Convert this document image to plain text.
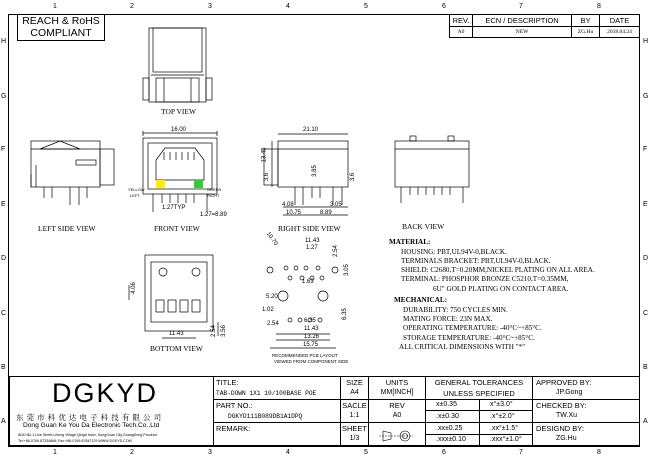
1	2	3	4	5	6	7	8
1	2	3	4	5	6	7	8
H
G
F
E
D
C
B
A
H
G
F
E
D
C
B
A
REACH & RoHS
COMPLIANT
REV.	ECN / DESCRIPTION	BY	DATE
A0	NEW	ZG.Hu	2018.04.24
YELLOW
LEFT
GREEN
RIGHT
TOP VIEW
LEFT SIDE VIEW	FRONT VIEW	RIGHT SIDE VIEW	BACK VIEW
BOTTOM VIEW
RECOMMENDED PCB LAYOUT
VIEWED FROM COMPONENT SIDE
16.00
1.27TYP
1.27=8.89
21.10
13.45
3.6
3.85
3.6
4.08	3.05
10.75	8.89
4.06
11.43	2.54 3.56
11.43
1.27
10.70
2.54
5.20
1.63
1.02
2.54	6.35
11.43
13.26
15.75
3.05
6.35
MATERIAL:
HOUSING: PBT,UL94V-0,BLACK.
TERMINALS BRACKET: PBT,UL94V-0,BLACK.
SHIELD: C2680,T=0.20MM,NICKEL PLATING ON ALL AREA.
TERMINAL: PHOSPHOR BRONZE C5210,T=0.35MM,
6U" GOLD PLATING ON CONTACT AREA.
MECHANICAL:
DURABILITY: 750 CYCLES MIN.
MATING FORCE: 23N MAX.
OPERATING TEMPERATURE: -40°C~+85°C.
STORAGE TEMPERATURE: -40°C~+85°C.
ALL CRITICAL DIMENSIONS WITH "*"
DGKYD
东 莞 市 科 优 达 电 子 科 技 有 限 公 司
Dong Guan Ke You Da Electronic Tech.Co.,Ltd
ADD:No.1 Live Street,Liheng Village,Qingxi town, DongGuan City,GuangDong Province
Tel:+86-0769-87334666; Fax:+86-0769-87847129 WWW.DGKYD.COM
TITLE:
TAB-DOWN 1X1 10/100BASE POE
PART NO.:
DGKYD111B089DB1A1DPQ
REMARK:
SIZE
A4
SACLE
1:1
SHEET
1/3
UNITS
MM[INCH]
REV
A0
GENERAL TOLERANCES
UNLESS SPECIFIED
x±0.35	x°±3.0°
.x±0.30	.x°±2.0°
.xx±0.25	.xx°±1.5°
.xxx±0.10	.xxx°±1.0°
APPROVED BY:
JP.Gong
CHECKED BY:
TW.Xu
DESIGND BY:
ZG.Hu
